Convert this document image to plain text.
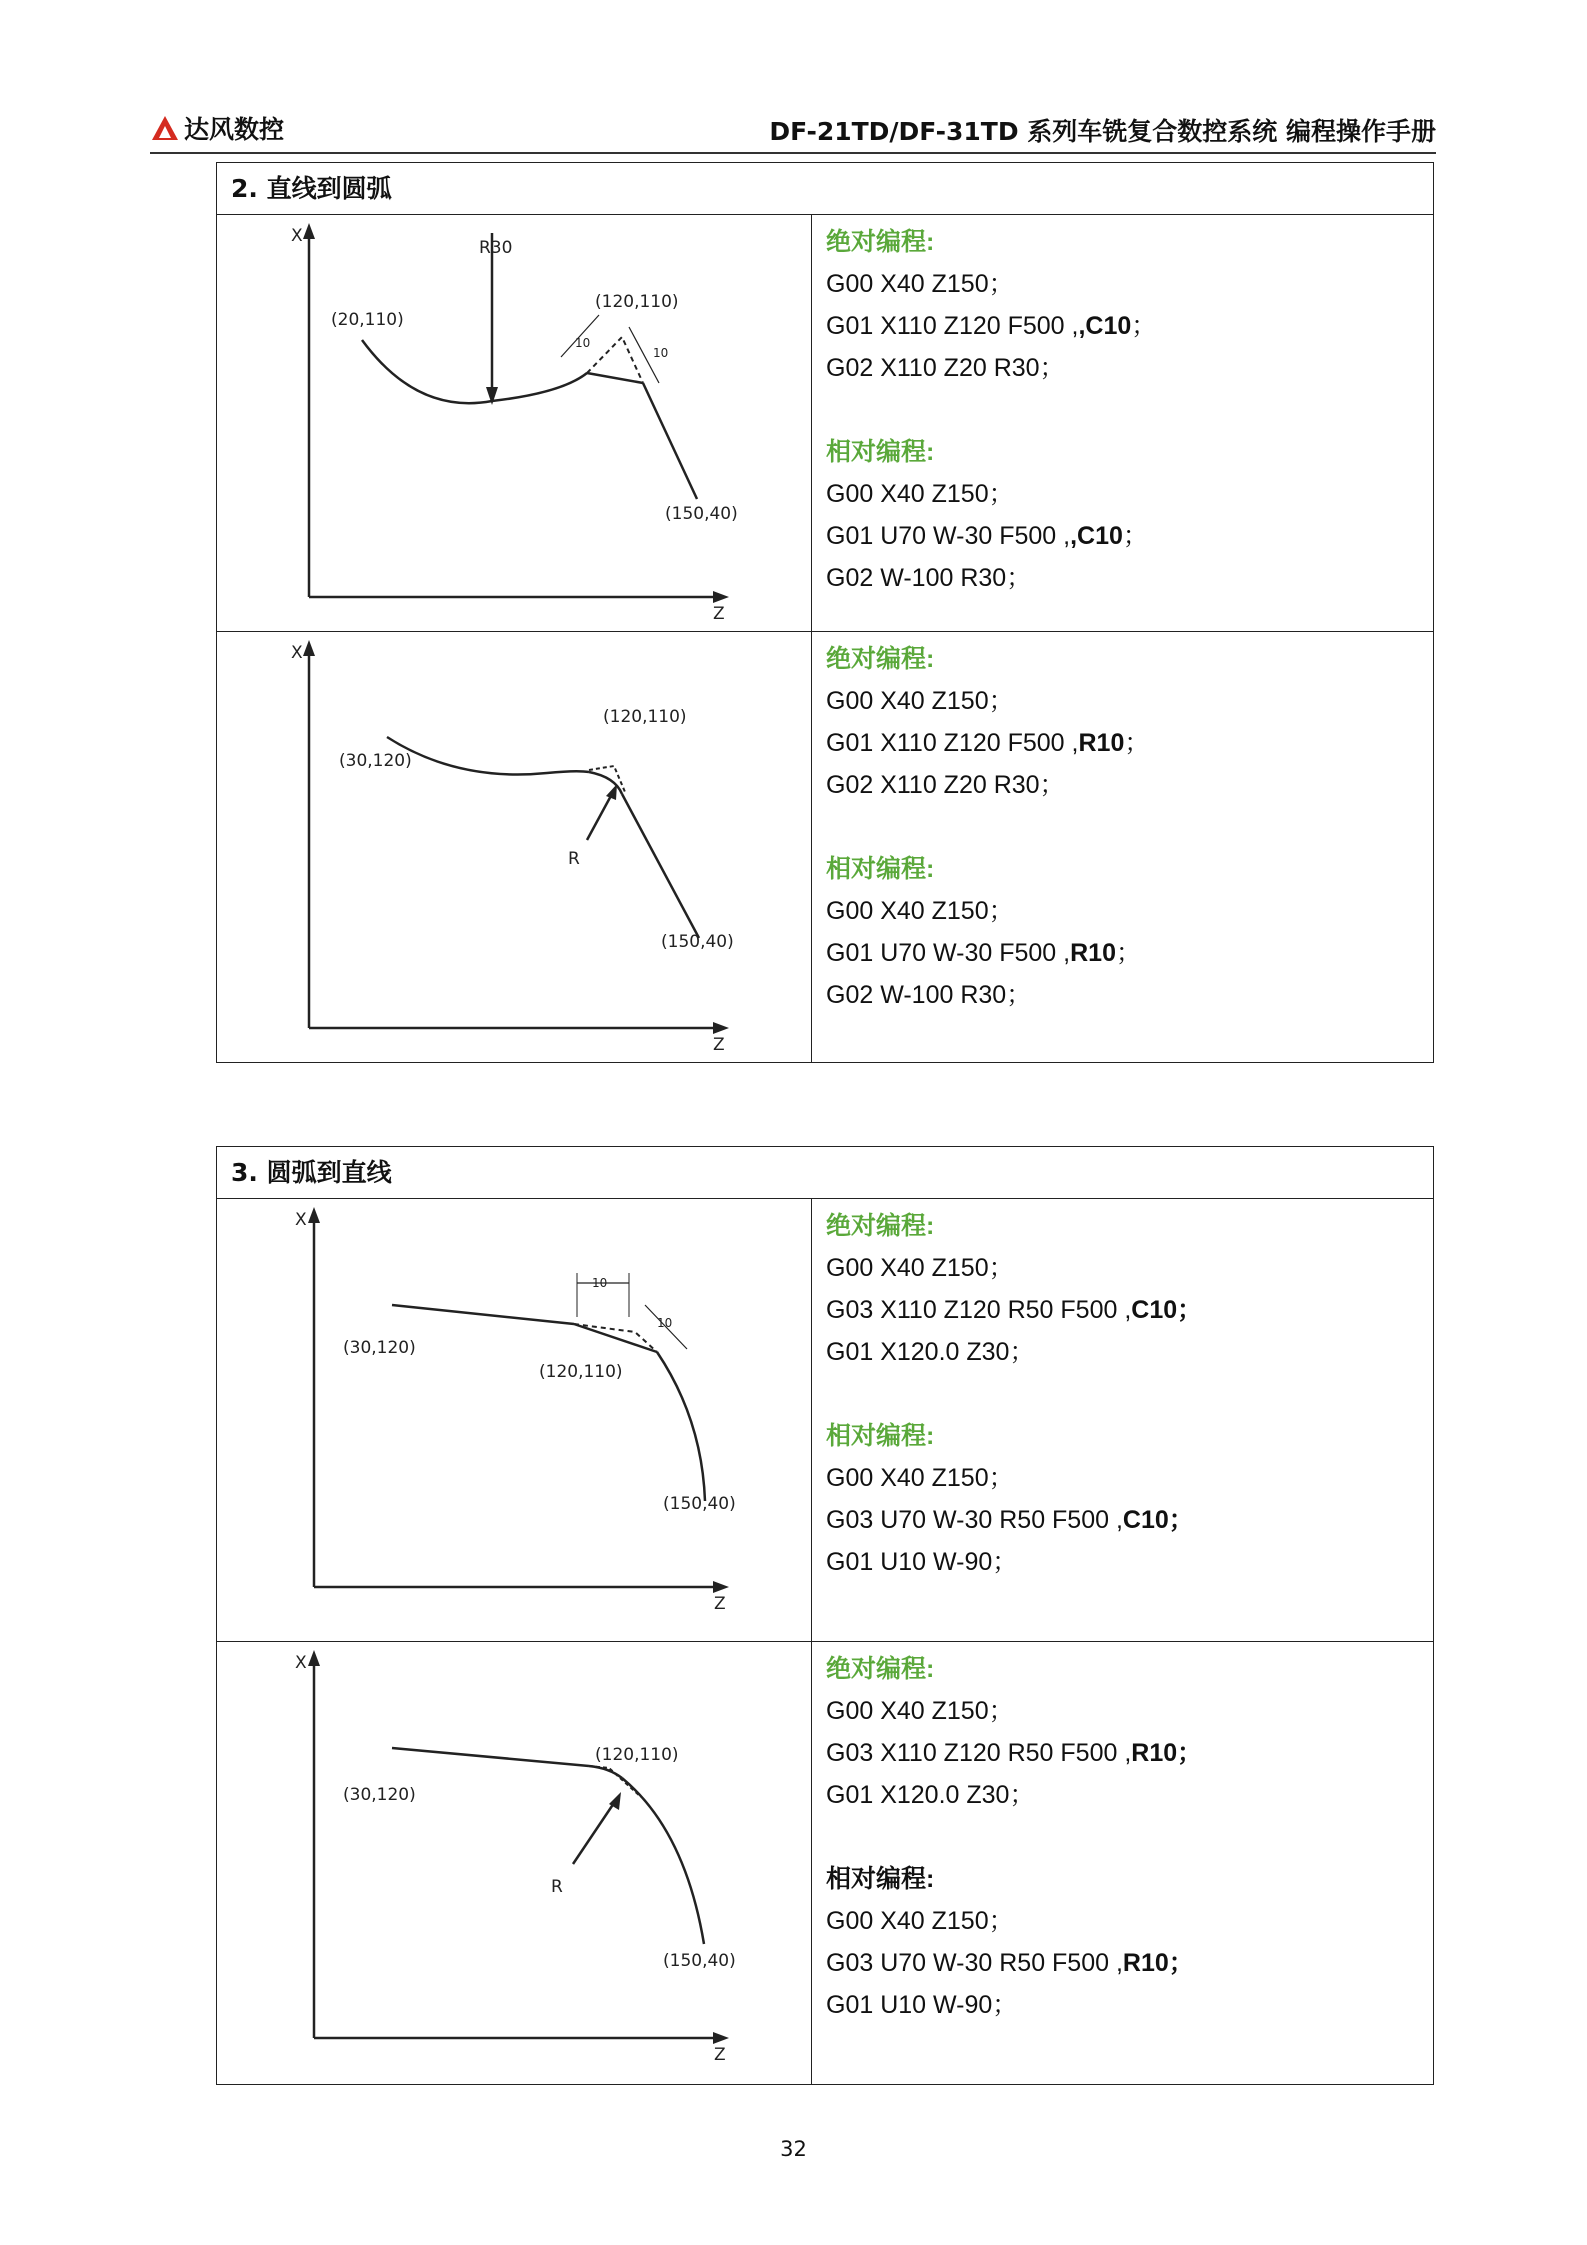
达风数控	DF-21TD/DF-31TD 系列车铣复合数控系统 编程操作手册
2. 直线到圆弧
X
Z
R30
(120,110)
(20,110)
10
10
(150,40)
绝对编程:
G00 X40 Z150；
G01 X110 Z120 F500 ,,C10；
G02 X110 Z20 R30；
相对编程:
G00 X40 Z150；
G01 U70 W-30 F500 ,,C10；
G02 W-100 R30；
X
Z
(120,110)
(30,120)
R
(150,40)
绝对编程:
G00 X40 Z150；
G01 X110 Z120 F500 ,R10；
G02 X110 Z20 R30；
相对编程:
G00 X40 Z150；
G01 U70 W-30 F500 ,R10；
G02 W-100 R30；
3. 圆弧到直线
X
Z
10
10
(30,120)
(120,110)
(150,40)
绝对编程:
G00 X40 Z150；
G03 X110 Z120 R50 F500 ,C10；
G01 X120.0 Z30；
相对编程:
G00 X40 Z150；
G03 U70 W-30 R50 F500 ,C10；
G01 U10 W-90；
X
Z
(120,110)
(30,120)
R
(150,40)
绝对编程:
G00 X40 Z150；
G03 X110 Z120 R50 F500 ,R10；
G01 X120.0 Z30；
相对编程:
G00 X40 Z150；
G03 U70 W-30 R50 F500 ,R10；
G01 U10 W-90；
32
